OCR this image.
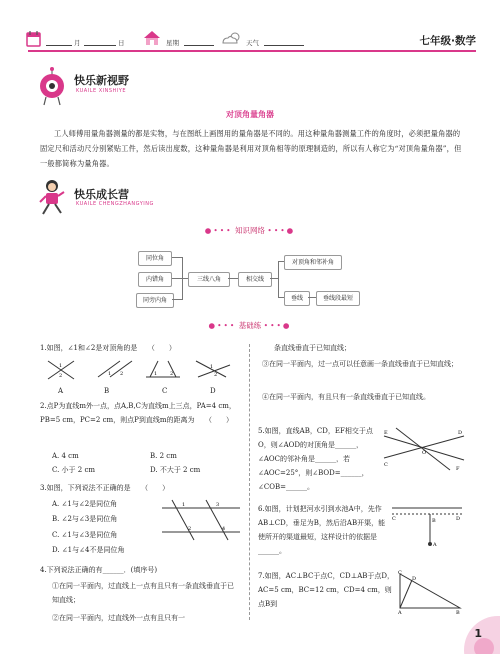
月	日	星期	天气	七年级·数学
快乐新视野
KUAILE XINSHIYE
对顶角量角器
工人师傅用量角器测量的都是实物，与在图纸上画图用的量角器是不同的。用这种量角器测量工件的角度时，必须把量角器的固定尺和活动尺分别紧贴工件，然后读出度数，这种量角器是利用对顶角相等的原理制造的，所以有人称它为“对顶角量角器”，但一般都简称为量角器。
快乐成长营
KUAILE CHENGZHANGYING
●••• 知识网络 •••●
同位角
内错角
同旁内角
三线八角	相交线
对顶角和邻补角
垂线	垂线段最短
●••• 基础练 •••●
1.如图，∠1和∠2是对顶角的是　　（　　）
1
2	1 2	1	2
1
2
A	B	C	D
2.点P为直线m外一点，点A,B,C为直线m上三点，PA=4 cm，PB=5 cm，PC=2 cm，则点P到直线m的距离为　　（　　）
A. 4 cm	B. 2 cm
C. 小于 2 cm	D. 不大于 2 cm
3.如图，下列说法不正确的是　　（　　）
A. ∠1与∠2是同位角
B. ∠2与∠3是同位角
C. ∠1与∠3是同位角
D. ∠1与∠4不是同位角
1
2
3
4
4.下列说法正确的有______．(填序号)
①在同一平面内，过直线上一点有且只有一条直线垂直于已知直线；
②在同一平面内，过直线外一点有且只有一
条直线垂直于已知直线；
③在同一平面内，过一点可以任意画一条直线垂直于已知直线；
④在同一平面内，有且只有一条直线垂直于已知直线。
5.如图，直线AB，CD，EF相交于点O，则∠AOD的对顶角是______，∠AOC的邻补角是______，若∠AOC=25°，则∠BOD=______，∠COB=______。
E	D
C
F
O
6.如图，计划把河水引到水池A中，先作AB⊥CD，垂足为B，然后沿AB开渠，能使所开的渠道最短，这样设计的依据是______。
C	D
A
B
7.如图，AC⊥BC于点C，CD⊥AB于点D，AC=5 cm，BC=12 cm，CD=4 cm，则点B到
C
A
D
B
1
